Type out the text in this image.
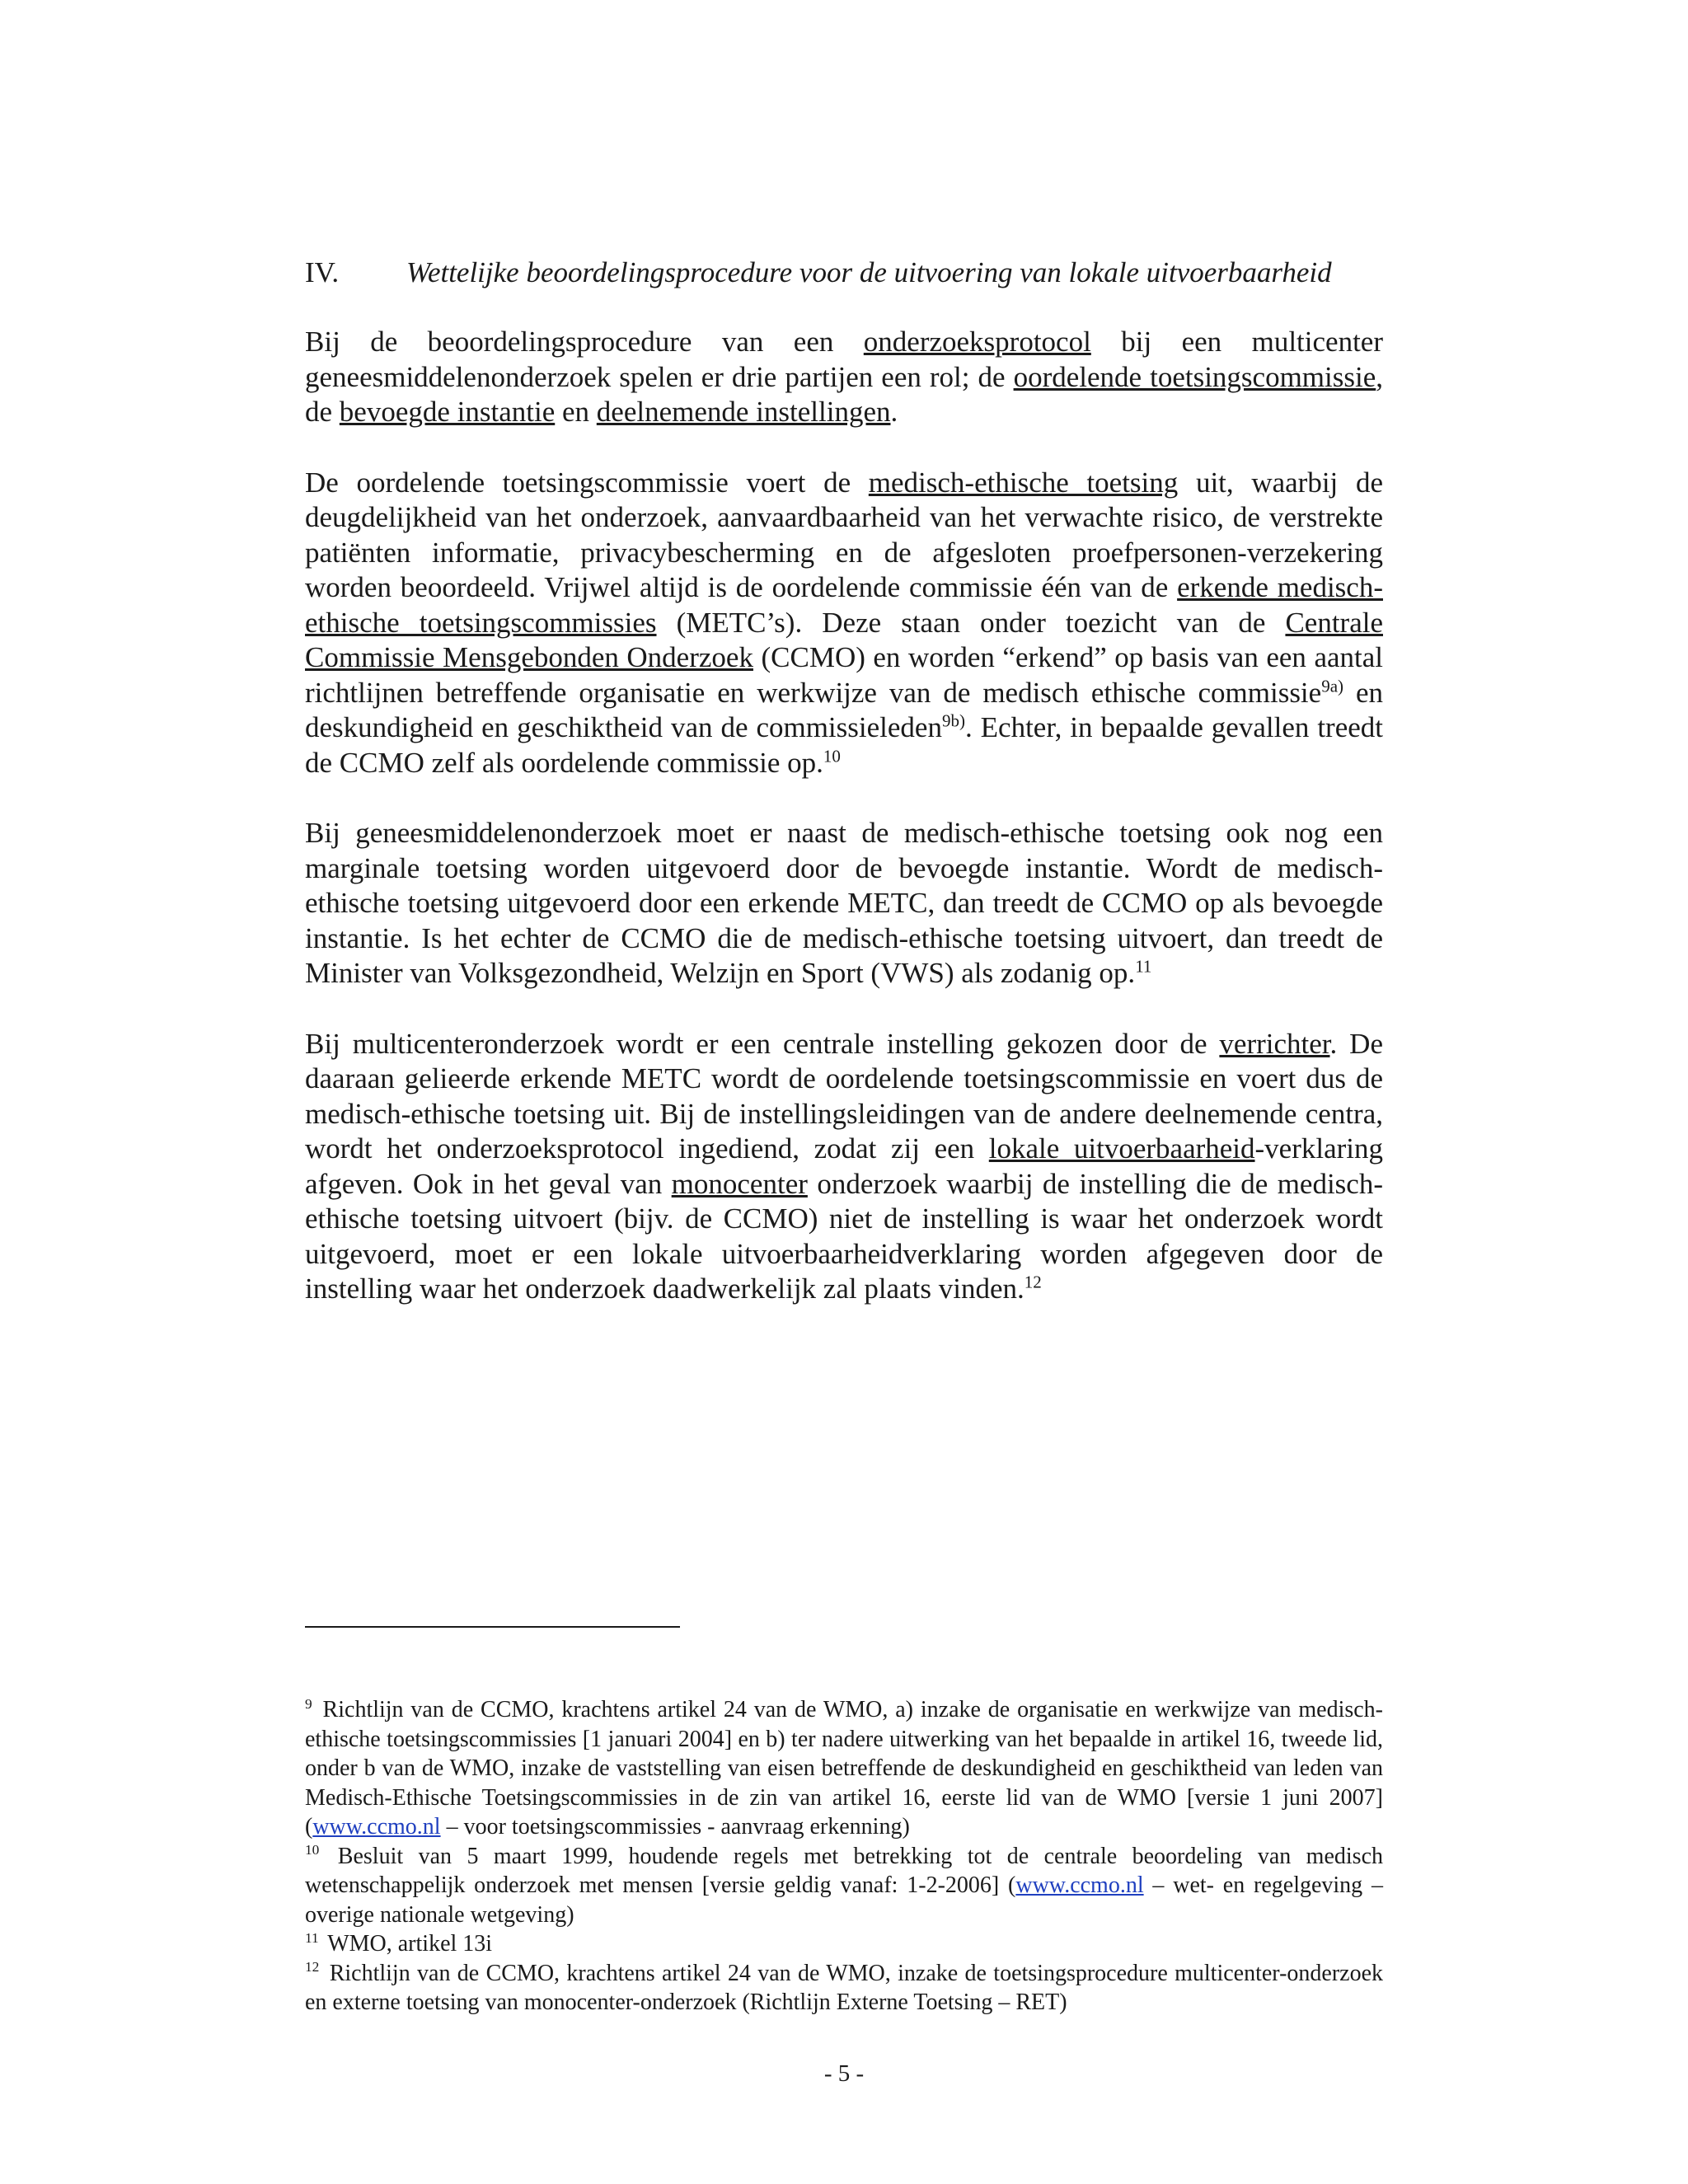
IV. Wettelijke beoordelingsprocedure voor de uitvoering van lokale uitvoerbaarheid

Bij de beoordelingsprocedure van een onderzoeksprotocol bij een multicenter geneesmiddelenonderzoek spelen er drie partijen een rol; de oordelende toetsingscommissie, de bevoegde instantie en deelnemende instellingen.

De oordelende toetsingscommissie voert de medisch-ethische toetsing uit, waarbij de deugdelijkheid van het onderzoek, aanvaardbaarheid van het verwachte risico, de verstrekte patiënten informatie, privacybescherming en de afgesloten proefpersonen-verzekering worden beoordeeld. Vrijwel altijd is de oordelende commissie één van de erkende medisch-ethische toetsingscommissies (METC’s). Deze staan onder toezicht van de Centrale Commissie Mensgebonden Onderzoek (CCMO) en worden “erkend” op basis van een aantal richtlijnen betreffende organisatie en werkwijze van de medisch ethische commissie$^{9a)}$ en deskundigheid en geschiktheid van de commissieleden$^{9b)}$. Echter, in bepaalde gevallen treedt de CCMO zelf als oordelende commissie op.$^{10}$

Bij geneesmiddelenonderzoek moet er naast de medisch-ethische toetsing ook nog een marginale toetsing worden uitgevoerd door de bevoegde instantie. Wordt de medisch-ethische toetsing uitgevoerd door een erkende METC, dan treedt de CCMO op als bevoegde instantie. Is het echter de CCMO die de medisch-ethische toetsing uitvoert, dan treedt de Minister van Volksgezondheid, Welzijn en Sport (VWS) als zodanig op.$^{11}$

Bij multicenteronderzoek wordt er een centrale instelling gekozen door de verrichter. De daaraan gelieerde erkende METC wordt de oordelende toetsingscommissie en voert dus de medisch-ethische toetsing uit. Bij de instellingsleidingen van de andere deelnemende centra, wordt het onderzoeksprotocol ingediend, zodat zij een lokale uitvoerbaarheid-verklaring afgeven. Ook in het geval van monocenter onderzoek waarbij de instelling die de medisch-ethische toetsing uitvoert (bijv. de CCMO) niet de instelling is waar het onderzoek wordt uitgevoerd, moet er een lokale uitvoerbaarheidverklaring worden afgegeven door de instelling waar het onderzoek daadwerkelijk zal plaats vinden.$^{12}$

$^9$ Richtlijn van de CCMO, krachtens artikel 24 van de WMO, a) inzake de organisatie en werkwijze van medisch-ethische toetsingscommissies [1 januari 2004] en b) ter nadere uitwerking van het bepaalde in artikel 16, tweede lid, onder b van de WMO, inzake de vaststelling van eisen betreffende de deskundigheid en geschiktheid van leden van Medisch-Ethische Toetsingscommissies in de zin van artikel 16, eerste lid van de WMO [versie 1 juni 2007] (www.ccmo.nl – voor toetsingscommissies - aanvraag erkenning)

$^{10}$ Besluit van 5 maart 1999, houdende regels met betrekking tot de centrale beoordeling van medisch wetenschappelijk onderzoek met mensen [versie geldig vanaf: 1-2-2006] (www.ccmo.nl – wet- en regelgeving – overige nationale wetgeving)

$^{11}$ WMO, artikel 13i

$^{12}$ Richtlijn van de CCMO, krachtens artikel 24 van de WMO, inzake de toetsingsprocedure multicenter-onderzoek en externe toetsing van monocenter-onderzoek (Richtlijn Externe Toetsing – RET)

- 5 -
